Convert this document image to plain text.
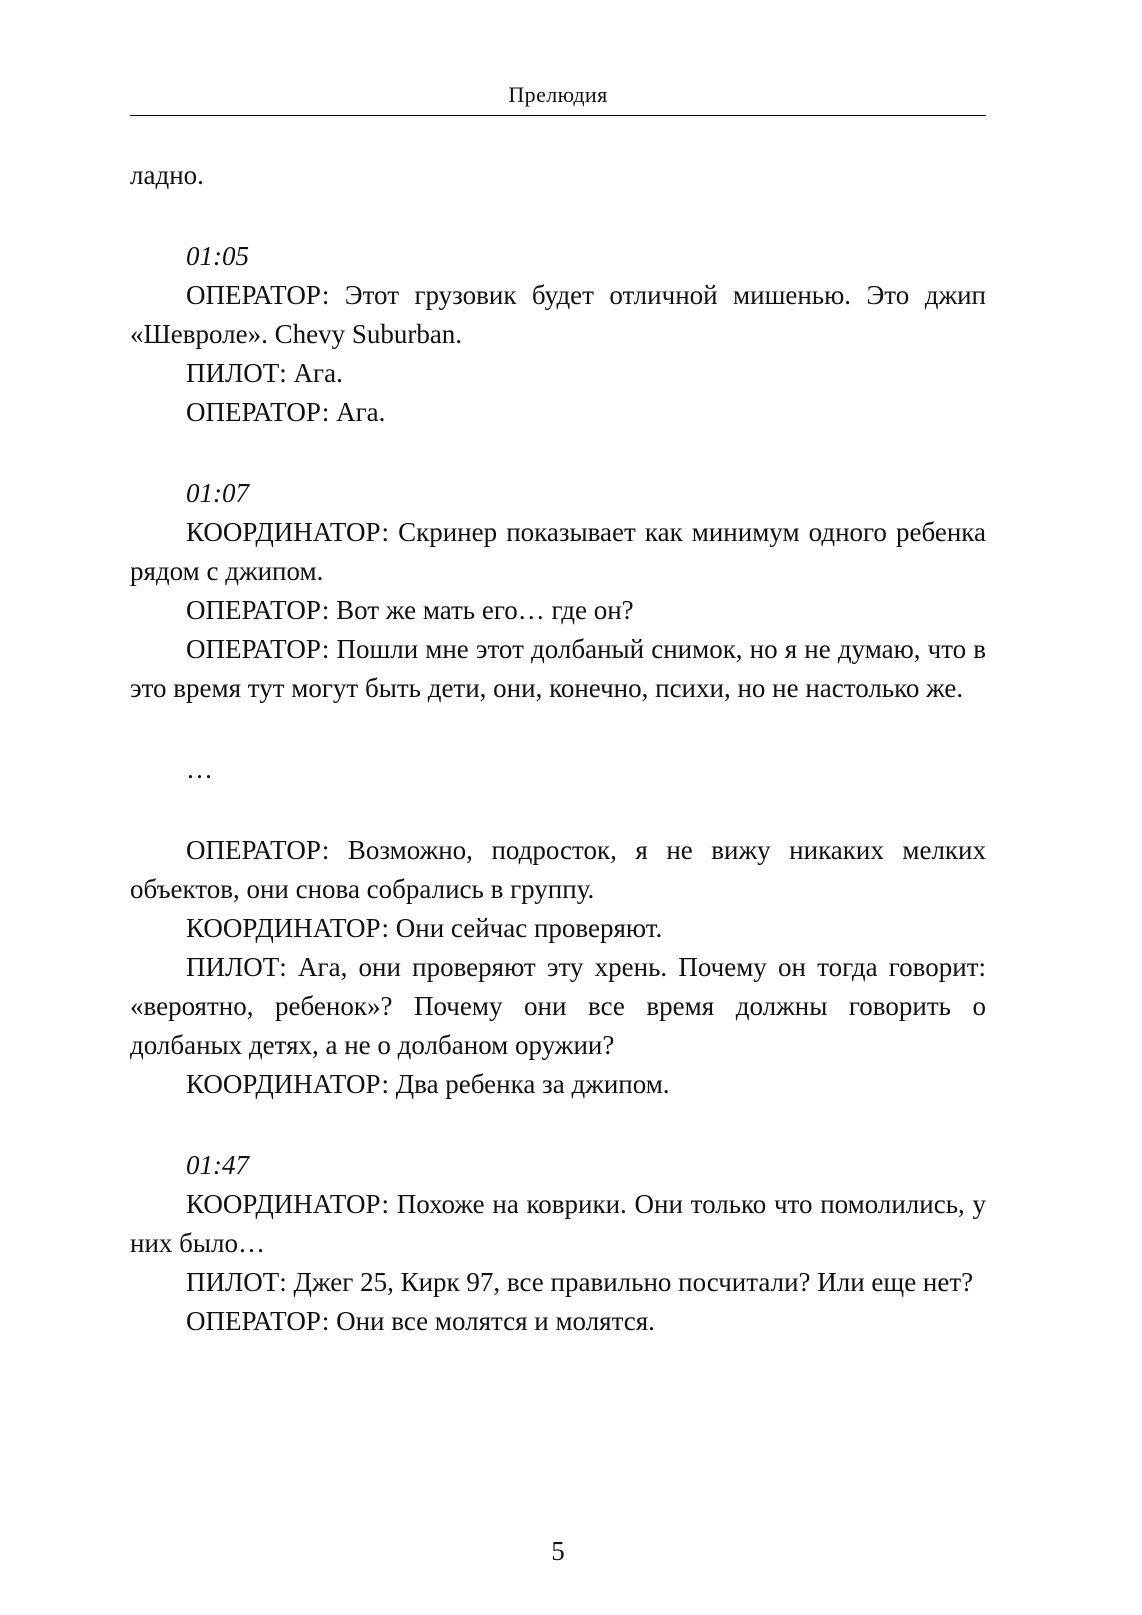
Прелюдия

ладно.

01:05

ОПЕРАТОР: Этот грузовик будет отличной мишенью. Это джип «Шевроле». Chevy Suburban.

ПИЛОТ: Ага.

ОПЕРАТОР: Ага.

01:07

КООРДИНАТОР: Скринер показывает как минимум одного ребенка рядом с джипом.

ОПЕРАТОР: Вот же мать его… где он?

ОПЕРАТОР: Пошли мне этот долбаный снимок, но я не думаю, что в это время тут могут быть дети, они, конечно, психи, но не настолько же.

…

ОПЕРАТОР: Возможно, подросток, я не вижу никаких мелких объектов, они снова собрались в группу.

КООРДИНАТОР: Они сейчас проверяют.

ПИЛОТ: Ага, они проверяют эту хрень. Почему он тогда говорит: «вероятно, ребенок»? Почему они все время должны говорить о долбаных детях, а не о долбаном оружии?

КООРДИНАТОР: Два ребенка за джипом.

01:47

КООРДИНАТОР: Похоже на коврики. Они только что помолились, у них было…

ПИЛОТ: Джег 25, Кирк 97, все правильно посчитали? Или еще нет?

ОПЕРАТОР: Они все молятся и молятся.

5
